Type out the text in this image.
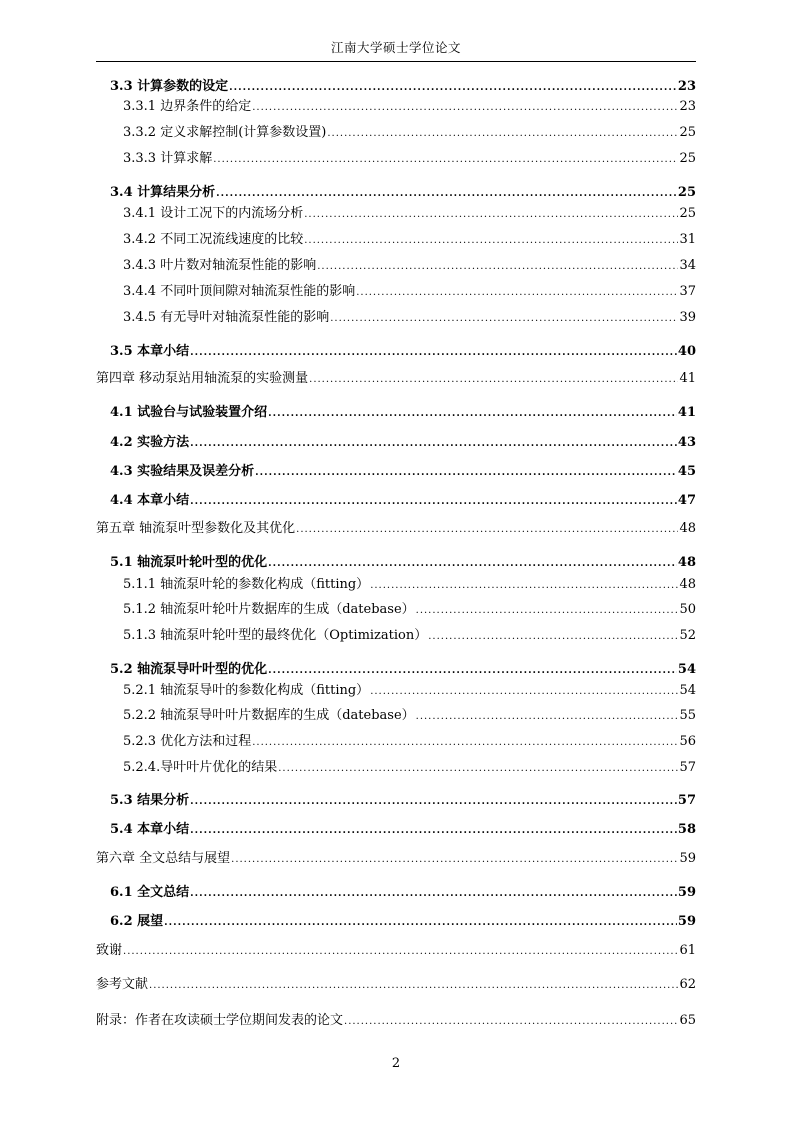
江南大学硕士学位论文
3.3 计算参数的设定 .....	23
3.3.1 边界条件的给定 .....	23
3.3.2 定义求解控制(计算参数设置) .....	25
3.3.3 计算求解 .....	25
3.4 计算结果分析 .....	25
3.4.1 设计工况下的内流场分析 .....	25
3.4.2 不同工况流线速度的比较 .....	31
3.4.3 叶片数对轴流泵性能的影响 .....	34
3.4.4 不同叶顶间隙对轴流泵性能的影响 .....	37
3.4.5 有无导叶对轴流泵性能的影响 .....	39
3.5 本章小结 .....	40
第四章 移动泵站用轴流泵的实验测量 .....	41
4.1 试验台与试验装置介绍 .....	41
4.2 实验方法 .....	43
4.3 实验结果及误差分析 .....	45
4.4 本章小结 .....	47
第五章 轴流泵叶型参数化及其优化 .....	48
5.1 轴流泵叶轮叶型的优化 .....	48
5.1.1 轴流泵叶轮的参数化构成（fitting） .....	48
5.1.2 轴流泵叶轮叶片数据库的生成（datebase） .....	50
5.1.3 轴流泵叶轮叶型的最终优化（Optimization） .....	52
5.2 轴流泵导叶叶型的优化 .....	54
5.2.1 轴流泵导叶的参数化构成（fitting） .....	54
5.2.2 轴流泵导叶叶片数据库的生成（datebase） .....	55
5.2.3 优化方法和过程 .....	56
5.2.4.导叶叶片优化的结果 .....	57
5.3 结果分析 .....	57
5.4 本章小结 .....	58
第六章 全文总结与展望 .....	59
6.1 全文总结 .....	59
6.2 展望 .....	59
致谢 .....	61
参考文献 .....	62
附录：作者在攻读硕士学位期间发表的论文 .....	65
2
